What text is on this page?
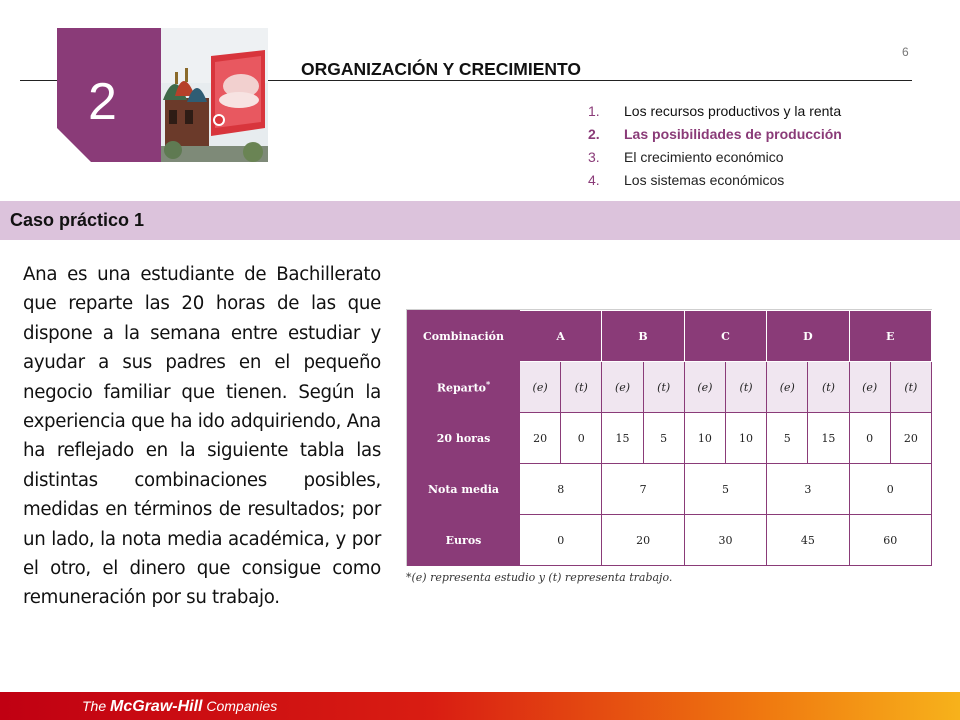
2
ORGANIZACIÓN Y CRECIMIENTO
6
1. Los recursos productivos y la renta
2. Las posibilidades de producción
3. El crecimiento económico
4. Los sistemas económicos
Caso práctico 1
Ana es una estudiante de Bachillerato que reparte las 20 horas de las que dispone a la semana entre estudiar y ayudar a sus padres en el pequeño negocio familiar que tienen. Según la experiencia que ha ido adquiriendo, Ana ha reflejado en la siguiente tabla las distintas combinaciones posibles, medidas en términos de resultados; por un lado, la nota media académica, y por el otro, el dinero que consigue como remuneración por su trabajo.
Combinación	A		B		C		D		E	
Reparto*	(e)	(t)	(e)	(t)	(e)	(t)	(e)	(t)	(e)	(t)
20 horas	20	0	15	5	10	10	5	15	0	20
Nota media	8		7		5		3		0	
Euros	0		20		30		45		60	
*(e) representa estudio y (t) representa trabajo.
The McGraw-Hill Companies
